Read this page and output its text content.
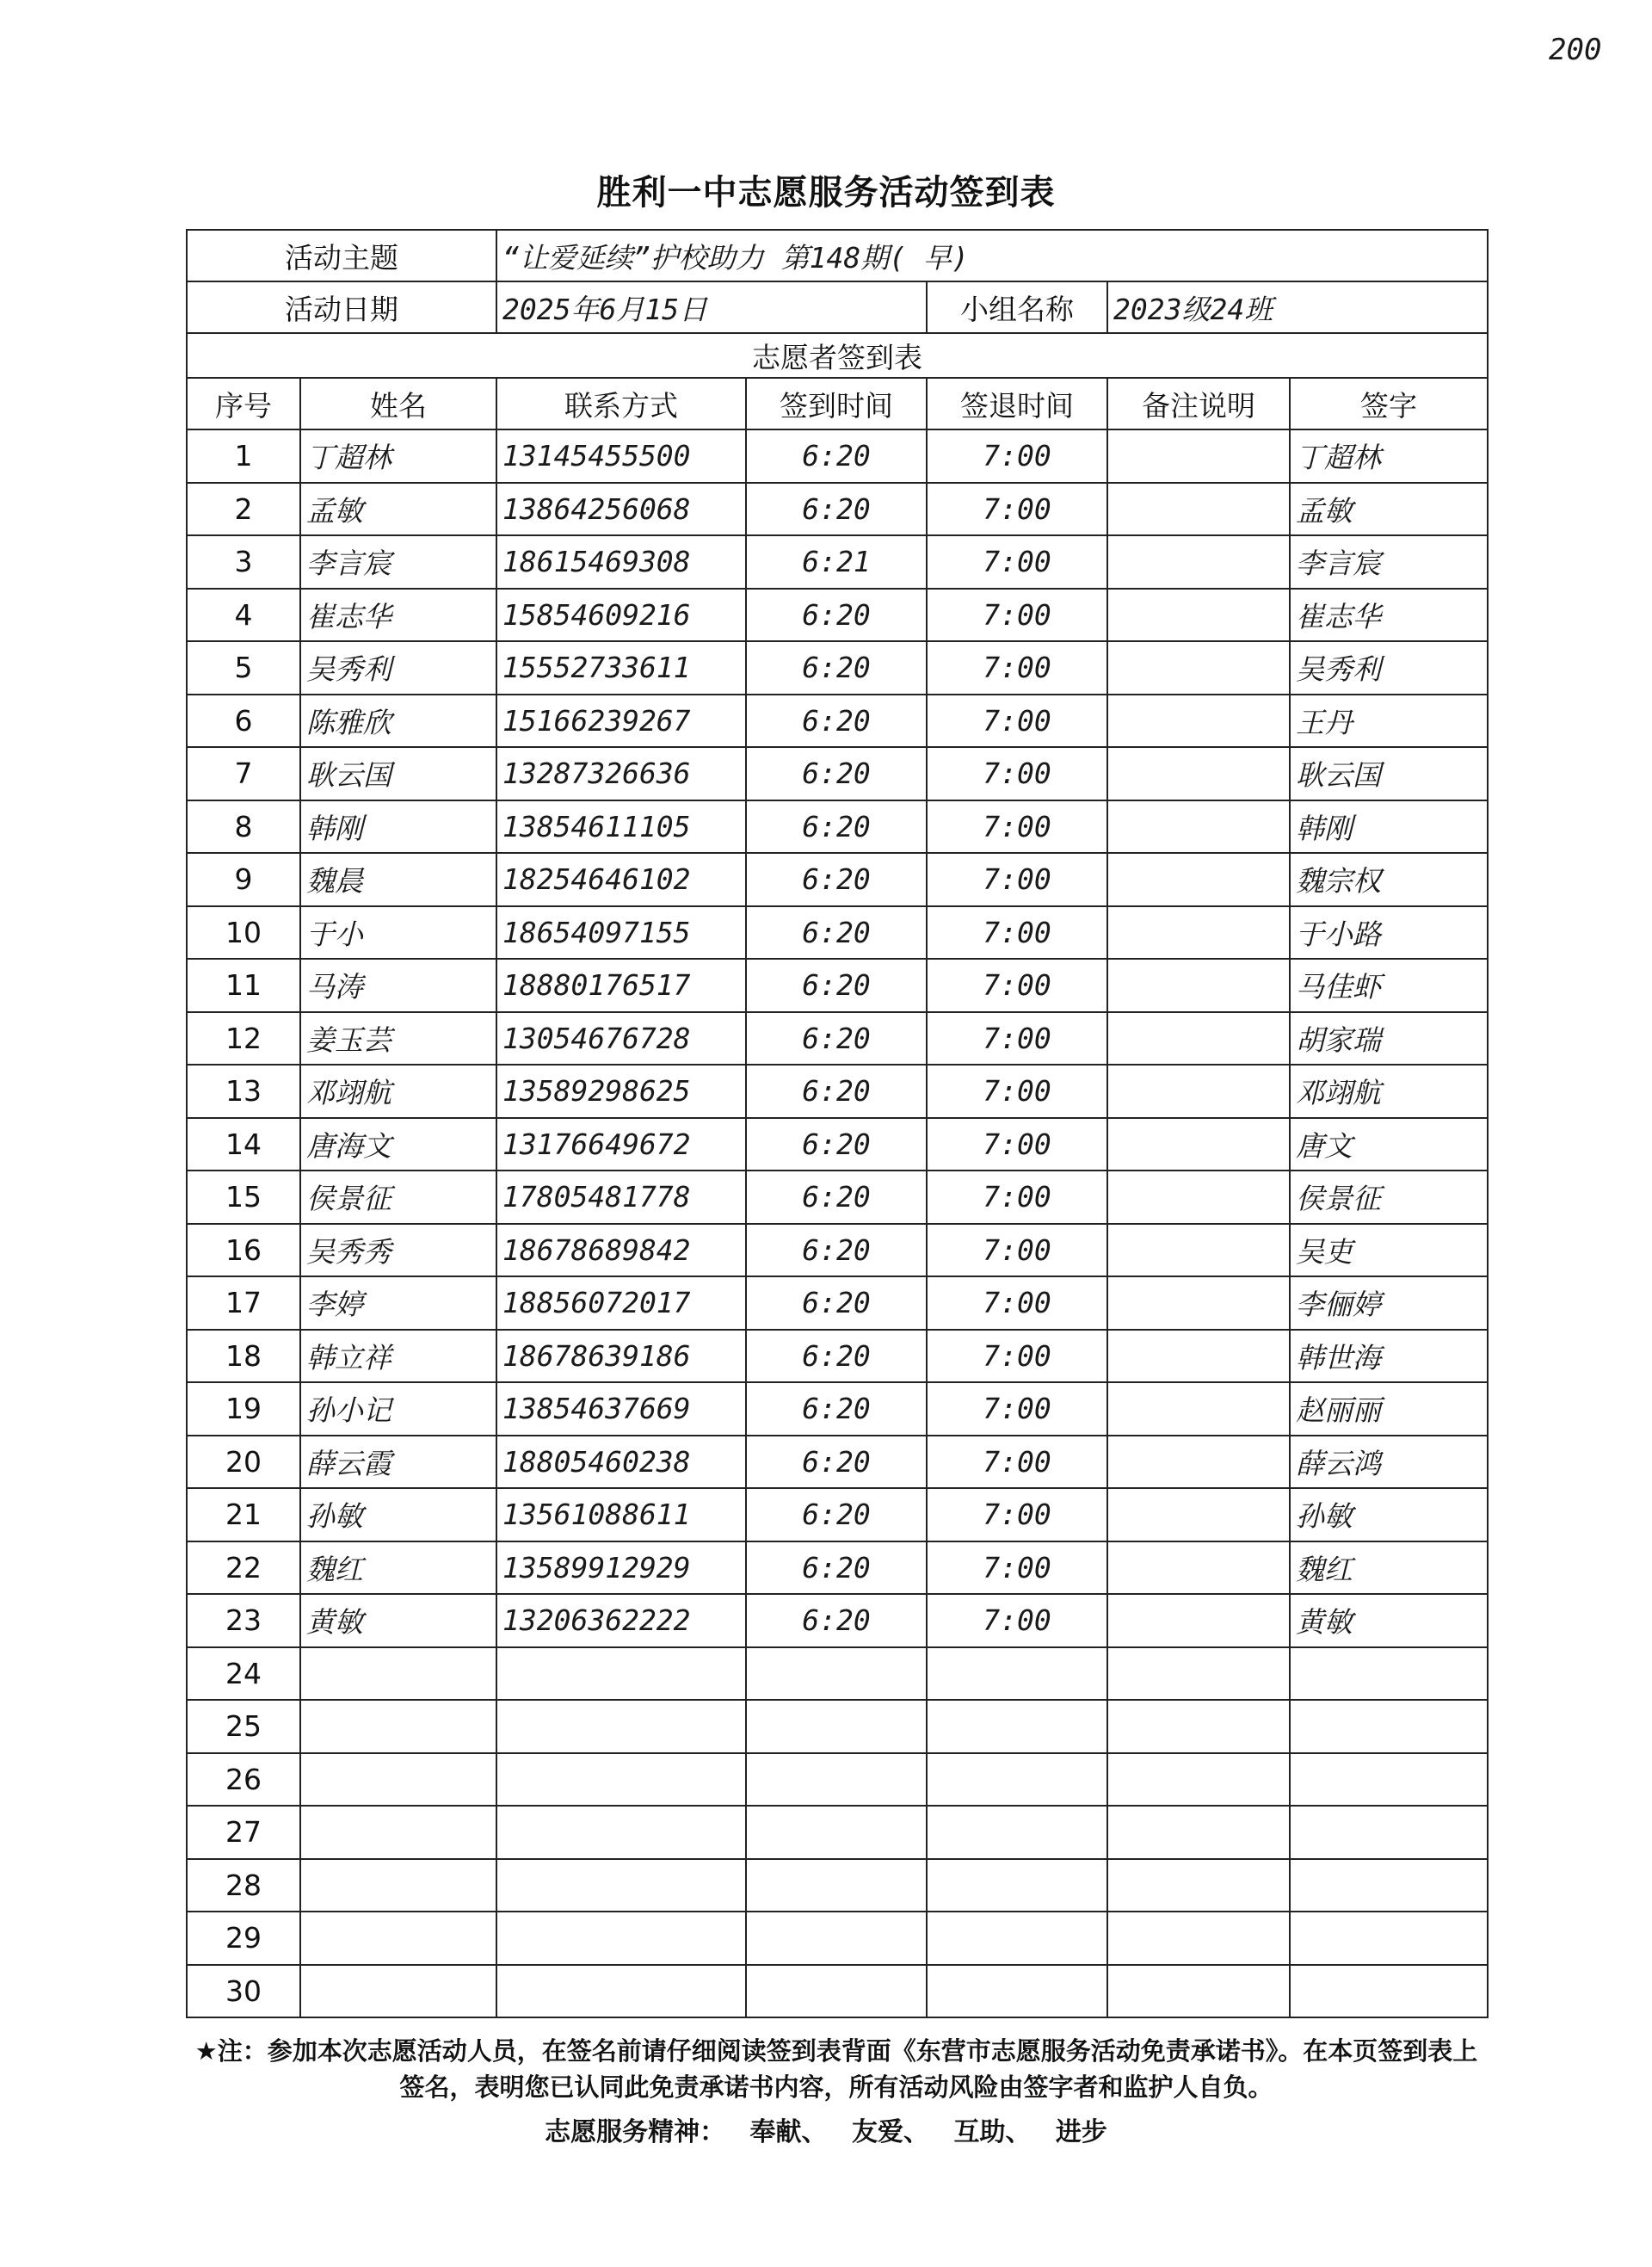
200
胜利一中志愿服务活动签到表
活动主题		“让爱延续”护校助力 第148期( 早)				
活动日期		2025年6月15日		小组名称	2023级24班	
志愿者签到表						
序号	姓名	联系方式	签到时间	签退时间	备注说明	签字
1	丁超林	13145455500	6:20	7:00		丁超林
2	孟敏	13864256068	6:20	7:00		孟敏
3	李言宸	18615469308	6:21	7:00		李言宸
4	崔志华	15854609216	6:20	7:00		崔志华
5	吴秀利	15552733611	6:20	7:00		吴秀利
6	陈雅欣	15166239267	6:20	7:00		王丹
7	耿云国	13287326636	6:20	7:00		耿云国
8	韩刚	13854611105	6:20	7:00		韩刚
9	魏晨	18254646102	6:20	7:00		魏宗权
10	于小	18654097155	6:20	7:00		于小路
11	马涛	18880176517	6:20	7:00		马佳虾
12	姜玉芸	13054676728	6:20	7:00		胡家瑞
13	邓翊航	13589298625	6:20	7:00		邓翊航
14	唐海文	13176649672	6:20	7:00		唐文
15	侯景征	17805481778	6:20	7:00		侯景征
16	吴秀秀	18678689842	6:20	7:00		吴吏
17	李婷	18856072017	6:20	7:00		李俪婷
18	韩立祥	18678639186	6:20	7:00		韩世海
19	孙小记	13854637669	6:20	7:00		赵丽丽
20	薛云霞	18805460238	6:20	7:00		薛云鸿
21	孙敏	13561088611	6:20	7:00		孙敏
22	魏红	13589912929	6:20	7:00		魏红
23	黄敏	13206362222	6:20	7:00		黄敏
24						
25						
26						
27						
28						
29						
30						
★注：参加本次志愿活动人员，在签名前请仔细阅读签到表背面《东营市志愿服务活动免责承诺书》。在本页签到表上签名，表明您已认同此免责承诺书内容，所有活动风险由签字者和监护人自负。
志愿服务精神： 奉献、 友爱、 互助、 进步
